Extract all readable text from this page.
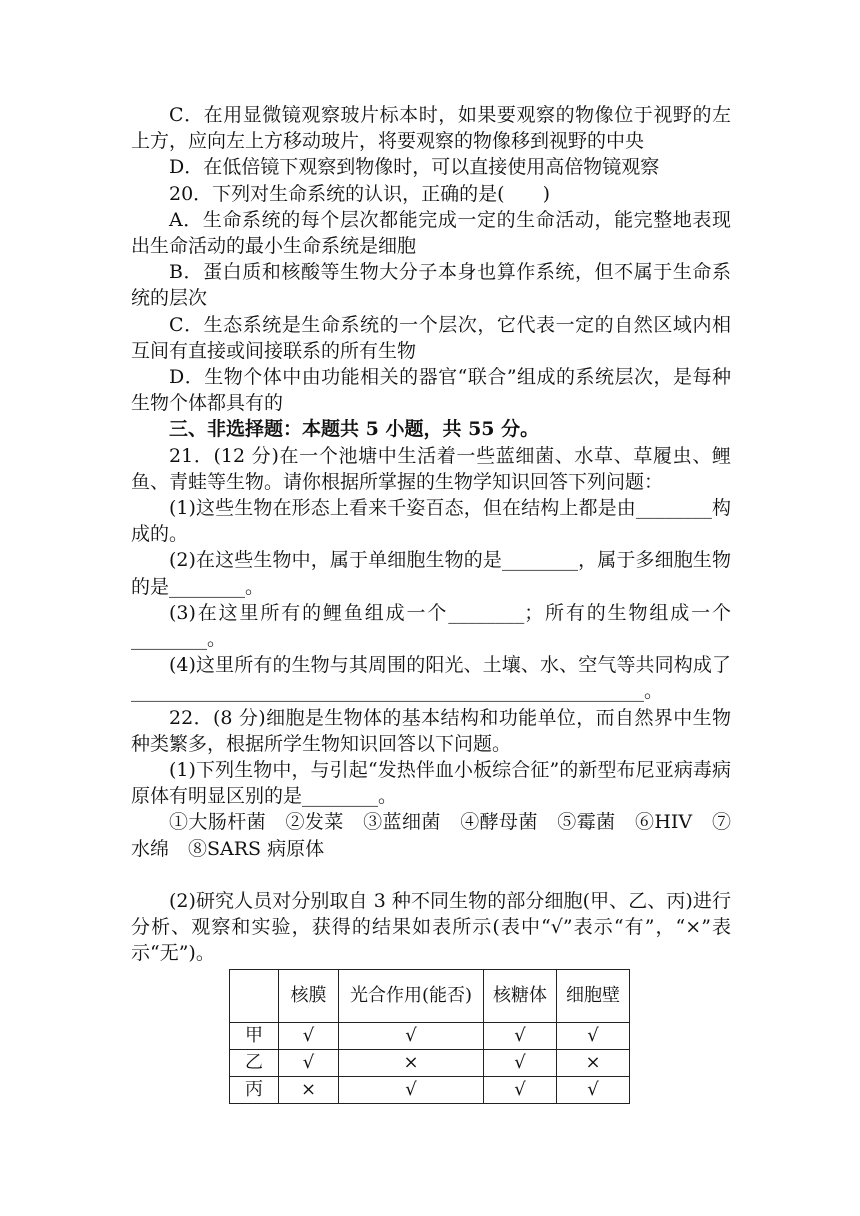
C．在用显微镜观察玻片标本时，如果要观察的物像位于视野的左上方，应向左上方移动玻片，将要观察的物像移到视野的中央

D．在低倍镜下观察到物像时，可以直接使用高倍物镜观察

20．下列对生命系统的认识，正确的是(　　)

A．生命系统的每个层次都能完成一定的生命活动，能完整地表现出生命活动的最小生命系统是细胞

B．蛋白质和核酸等生物大分子本身也算作系统，但不属于生命系统的层次

C．生态系统是生命系统的一个层次，它代表一定的自然区域内相互间有直接或间接联系的所有生物

D．生物个体中由功能相关的器官“联合”组成的系统层次，是每种生物个体都具有的

三、非选择题：本题共 5 小题，共 55 分。

21．(12 分)在一个池塘中生活着一些蓝细菌、水草、草履虫、鲤鱼、青蛙等生物。请你根据所掌握的生物学知识回答下列问题：

(1)这些生物在形态上看来千姿百态，但在结构上都是由________构成的。

(2)在这些生物中，属于单细胞生物的是________，属于多细胞生物的是________。

(3)在这里所有的鲤鱼组成一个________；所有的生物组成一个________。

(4)这里所有的生物与其周围的阳光、土壤、水、空气等共同构成了______________________________________________________。

22．(8 分)细胞是生物体的基本结构和功能单位，而自然界中生物种类繁多，根据所学生物知识回答以下问题。

(1)下列生物中，与引起“发热伴血小板综合征”的新型布尼亚病毒病原体有明显区别的是________。

①大肠杆菌　②发菜　③蓝细菌　④酵母菌　⑤霉菌　⑥HIV　⑦水绵　⑧SARS 病原体

(2)研究人员对分别取自 3 种不同生物的部分细胞(甲、乙、丙)进行分析、观察和实验，获得的结果如表所示(表中“√”表示“有”，“×”表示“无”)。

	核膜	光合作用(能否)	核糖体	细胞壁
甲	√	√	√	√
乙	√	×	√	×
丙	×	√	√	√
